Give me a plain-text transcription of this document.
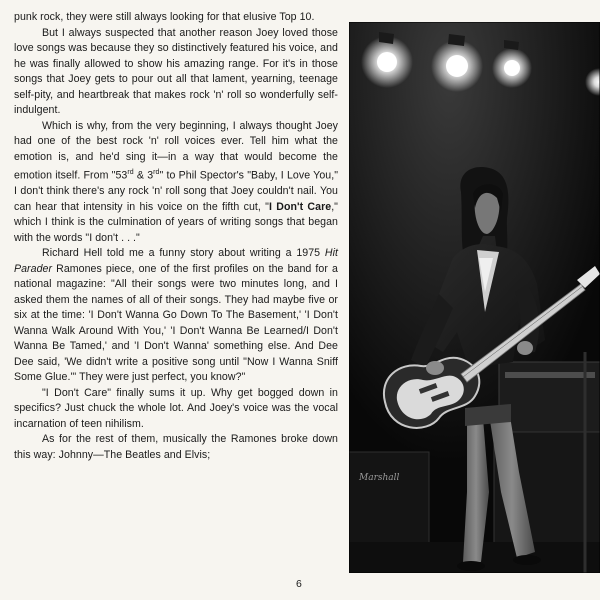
punk rock, they were still always looking for that elusive Top 10.

But I always suspected that another reason Joey loved those love songs was because they so distinctively featured his voice, and he was finally allowed to show his amazing range. For it's in those songs that Joey gets to pour out all that lament, yearning, teenage self-pity, and heartbreak that makes rock 'n' roll so wonderfully self-indulgent.

Which is why, from the very beginning, I always thought Joey had one of the best rock 'n' roll voices ever. Tell him what the emotion is, and he'd sing it—in a way that would become the emotion itself. From "53rd & 3rd" to Phil Spector's "Baby, I Love You," I don't think there's any rock 'n' roll song that Joey couldn't nail. You can hear that intensity in his voice on the fifth cut, "I Don't Care," which I think is the culmination of years of writing songs that began with the words "I don't . . ."

Richard Hell told me a funny story about writing a 1975 Hit Parader Ramones piece, one of the first profiles on the band for a national magazine: "All their songs were two minutes long, and I asked them the names of all of their songs. They had maybe five or six at the time: 'I Don't Wanna Go Down To The Basement,' 'I Don't Wanna Walk Around With You,' 'I Don't Wanna Be Learned/I Don't Wanna Be Tamed,' and 'I Don't Wanna' something else. And Dee Dee said, 'We didn't write a positive song until "Now I Wanna Sniff Some Glue."' They were just perfect, you know?"

"I Don't Care" finally sums it up. Why get bogged down in specifics? Just chuck the whole lot. And Joey's voice was the vocal incarnation of teen nihilism.

As for the rest of them, musically the Ramones broke down this way: Johnny—The Beatles and Elvis;

6
Marshall
